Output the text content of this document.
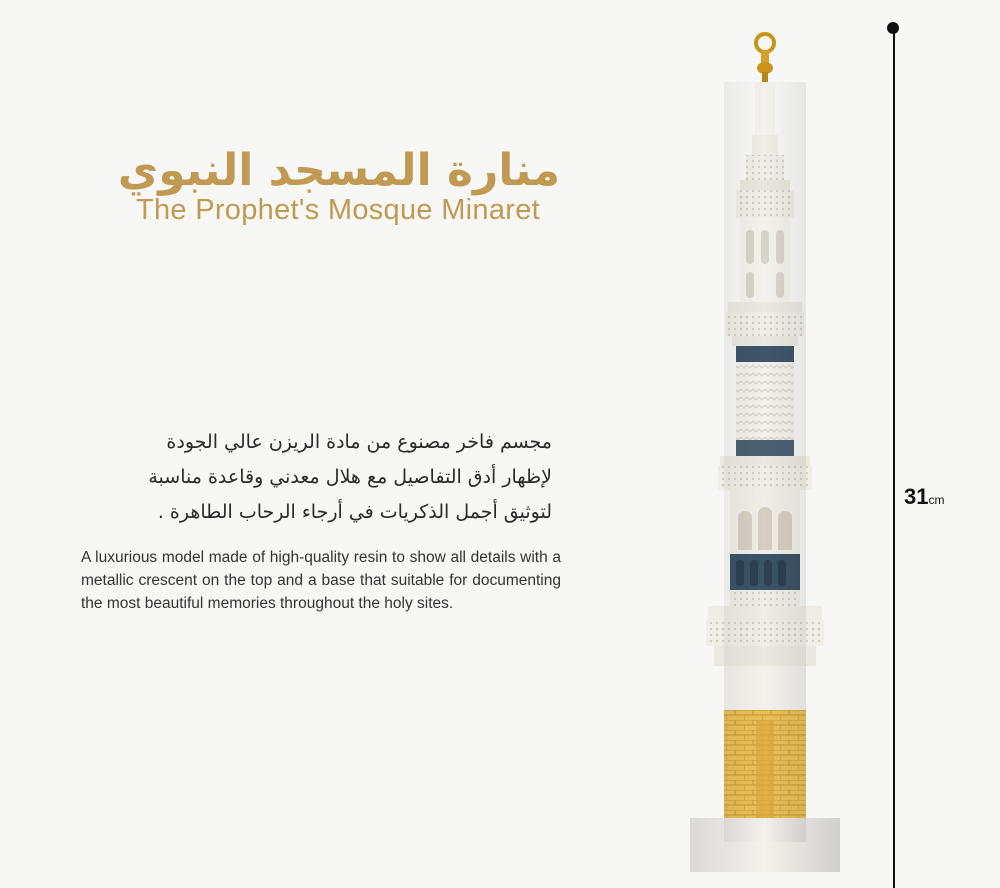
منارة المسجد النبوي
The Prophet's Mosque Minaret
مجسم فاخر مصنوع من مادة الريزن عالي الجودة
لإظهار أدق التفاصيل مع هلال معدني وقاعدة مناسبة
لتوثيق أجمل الذكريات في أرجاء الرحاب الطاهرة .

A luxurious model made of high-quality resin to show all details with a metallic crescent on the top and a base that suitable for documenting the most beautiful memories throughout the holy sites.

31cm
